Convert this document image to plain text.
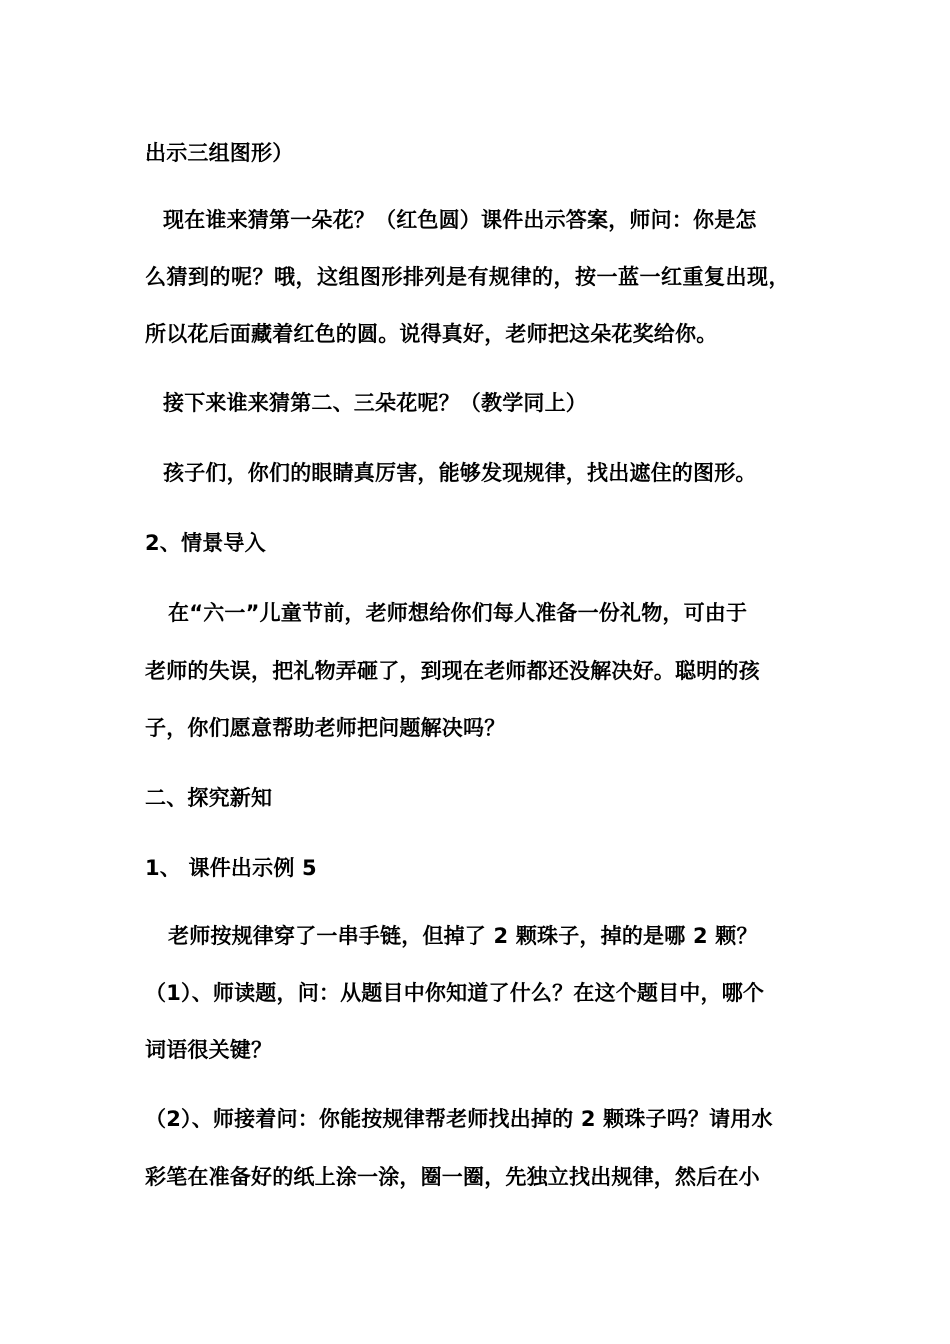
出示三组图形）
现在谁来猜第一朵花？（红色圆）课件出示答案，师问：你是怎
么猜到的呢？哦，这组图形排列是有规律的，按一蓝一红重复出现，
所以花后面藏着红色的圆。说得真好，老师把这朵花奖给你。
接下来谁来猜第二、三朵花呢？（教学同上）
孩子们，你们的眼睛真厉害，能够发现规律，找出遮住的图形。
2、情景导入
在“六一”儿童节前，老师想给你们每人准备一份礼物，可由于
老师的失误，把礼物弄砸了，到现在老师都还没解决好。聪明的孩
子，你们愿意帮助老师把问题解决吗？
二、探究新知
1、 课件出示例 5
老师按规律穿了一串手链，但掉了 2 颗珠子，掉的是哪 2 颗？
（1）、师读题，问：从题目中你知道了什么？在这个题目中，哪个
词语很关键？
（2）、师接着问：你能按规律帮老师找出掉的 2 颗珠子吗？请用水
彩笔在准备好的纸上涂一涂，圈一圈，先独立找出规律，然后在小
